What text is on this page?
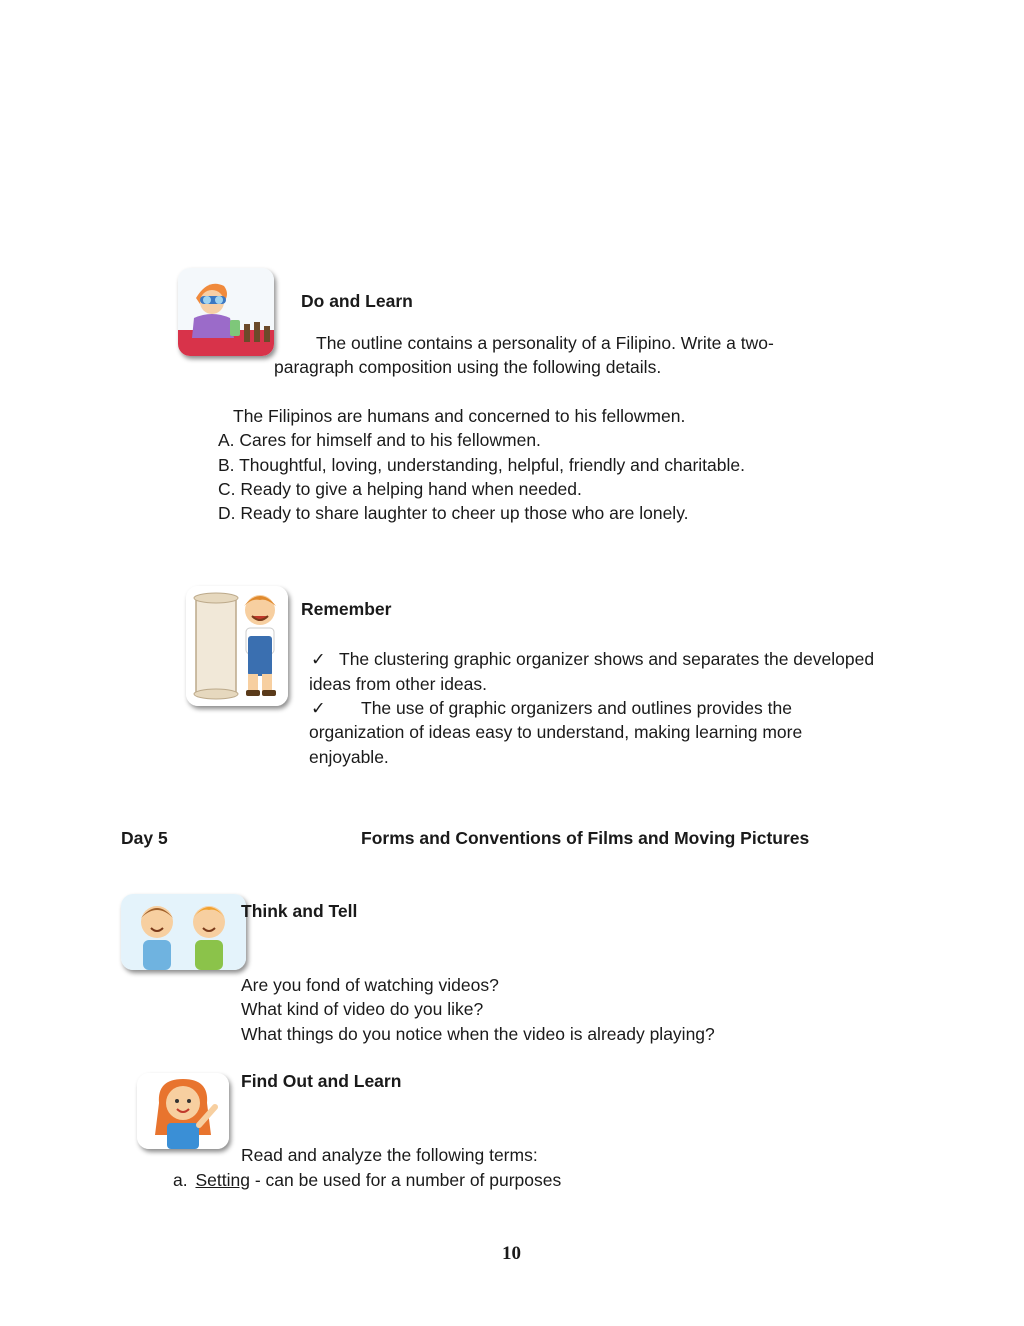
Do and Learn
The outline contains a personality of a Filipino. Write a two-
paragraph composition using the following details.
The Filipinos are humans and concerned to his fellowmen.
A. Cares for himself and to his fellowmen.
B. Thoughtful, loving, understanding, helpful, friendly and charitable.
C. Ready to give a helping hand when needed.
D. Ready to share laughter to cheer up those who are lonely.
Remember
✓ The clustering graphic organizer shows and separates the developed
ideas from other ideas.
✓ The use of graphic organizers and outlines provides the
organization of ideas easy to understand, making learning more
enjoyable.
Day 5	Forms and Conventions of Films and Moving Pictures
Think and Tell
Are you fond of watching videos?
What kind of video do you like?
What things do you notice when the video is already playing?
Find Out and Learn
Read and analyze the following terms:
a. Setting - can be used for a number of purposes
10
